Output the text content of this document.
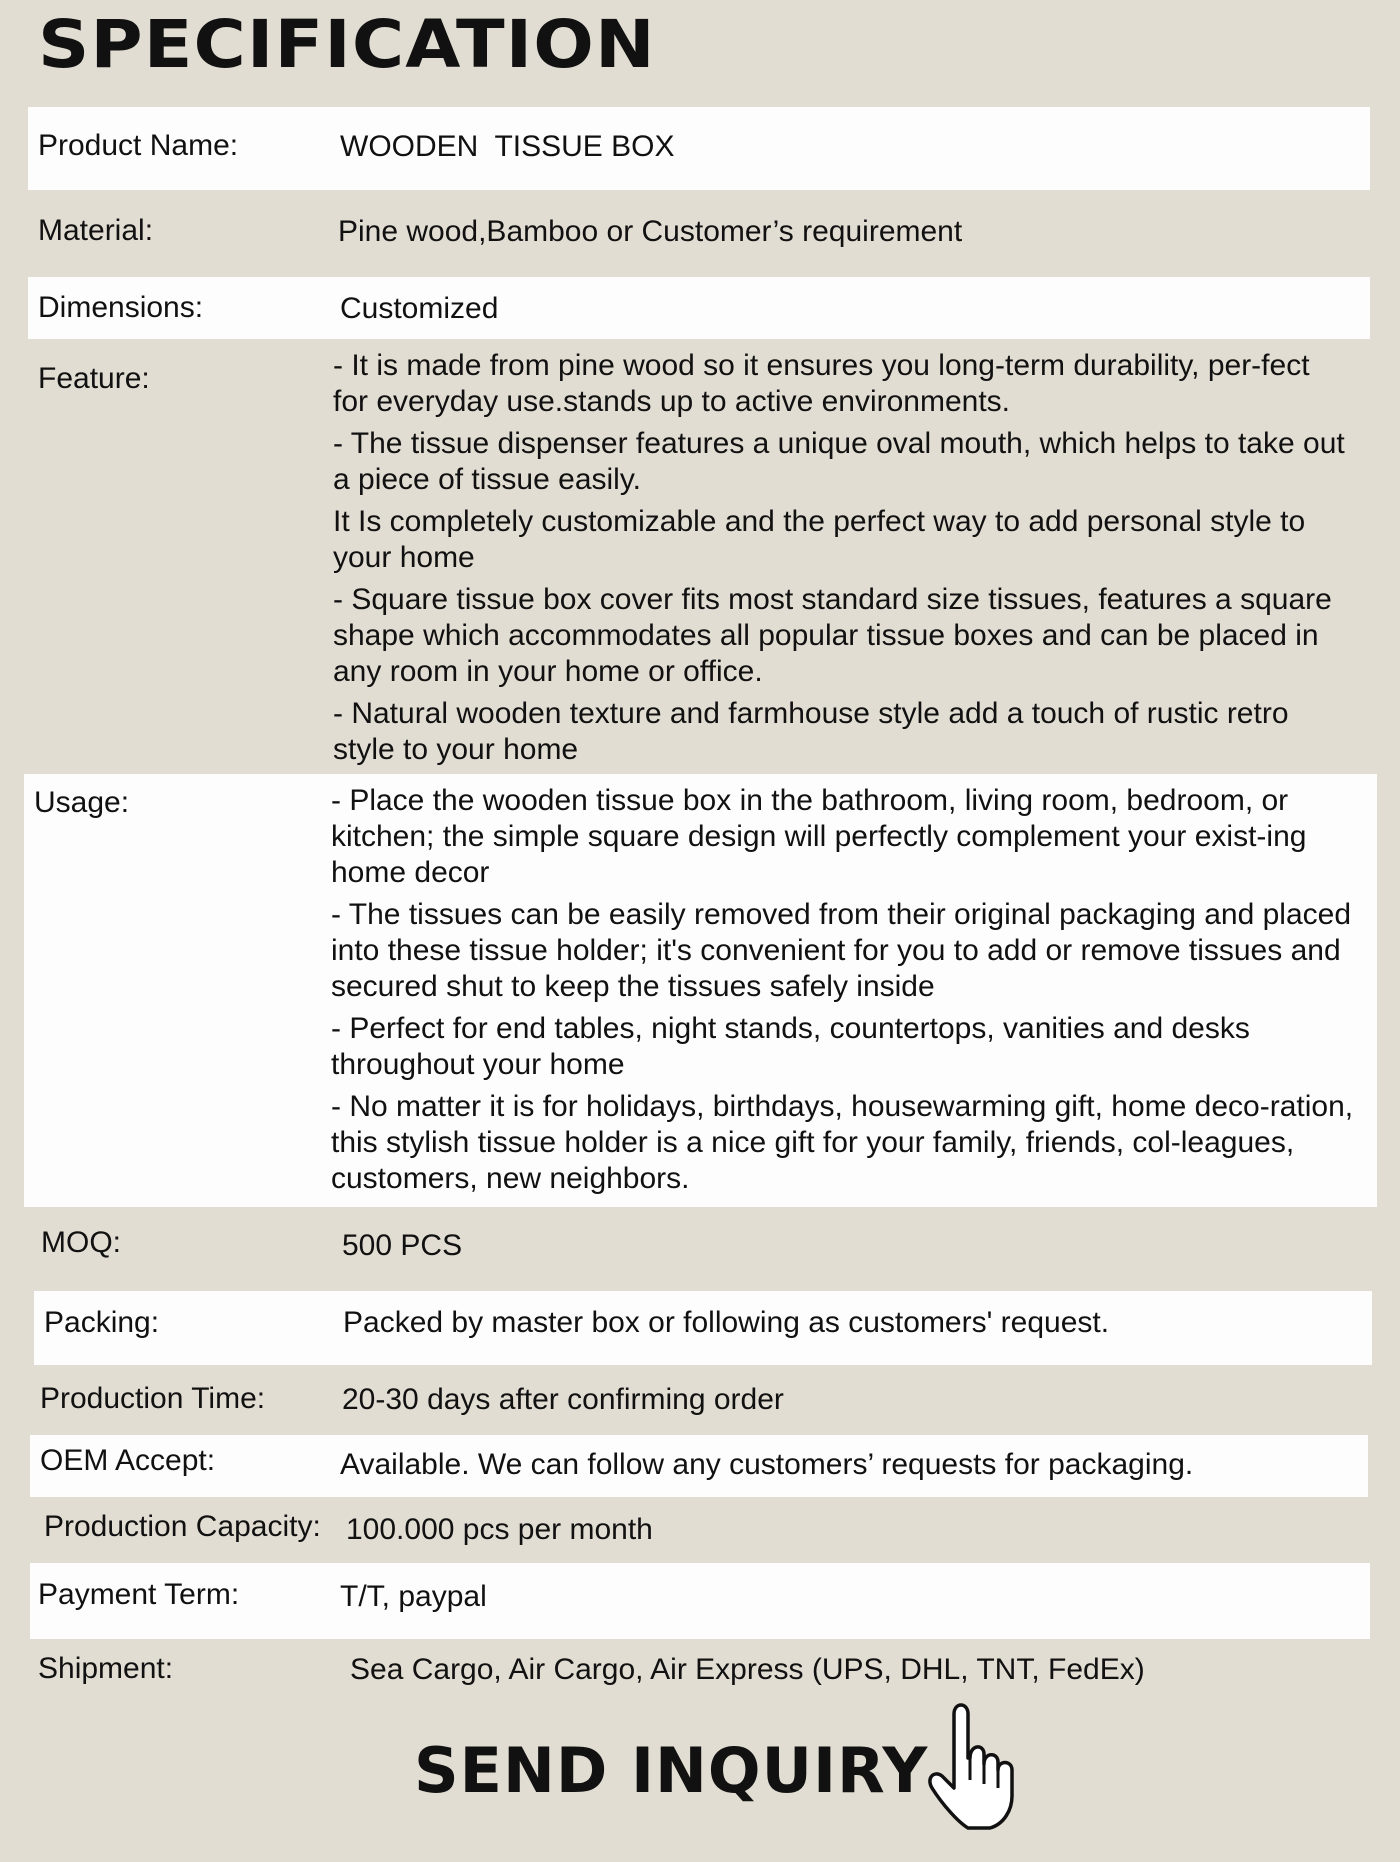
SPECIFICATION
Product Name:	WOODEN  TISSUE BOX
Material:	Pine wood,Bamboo or Customer’s requirement
Dimensions:	Customized
Feature:	- It is made from pine wood so it ensures you long-term durability, per-fect for everyday use.stands up to active environments.

- The tissue dispenser features a unique oval mouth, which helps to take out a piece of tissue easily.

It Is completely customizable and the perfect way to add personal style to your home

- Square tissue box cover fits most standard size tissues, features a square shape which accommodates all popular tissue boxes and can be placed in any room in your home or office.

- Natural wooden texture and farmhouse style add a touch of rustic retro style to your home

Usage:	- Place the wooden tissue box in the bathroom, living room, bedroom, or kitchen; the simple square design will perfectly complement your exist-ing home decor

- The tissues can be easily removed from their original packaging and placed into these tissue holder; it's convenient for you to add or remove tissues and secured shut to keep the tissues safely inside

- Perfect for end tables, night stands, countertops, vanities and desks throughout your home

- No matter it is for holidays, birthdays, housewarming gift, home deco-ration, this stylish tissue holder is a nice gift for your family, friends, col-leagues, customers, new neighbors.

MOQ:	500 PCS
Packing:	Packed by master box or following as customers' request.
Production Time:	20-30 days after confirming order
OEM Accept:	Available. We can follow any customers’ requests for packaging.
Production Capacity: 100.000 pcs per month
Payment Term:	T/T, paypal
Shipment:	Sea Cargo, Air Cargo, Air Express (UPS, DHL, TNT, FedEx)
SEND INQUIRY
